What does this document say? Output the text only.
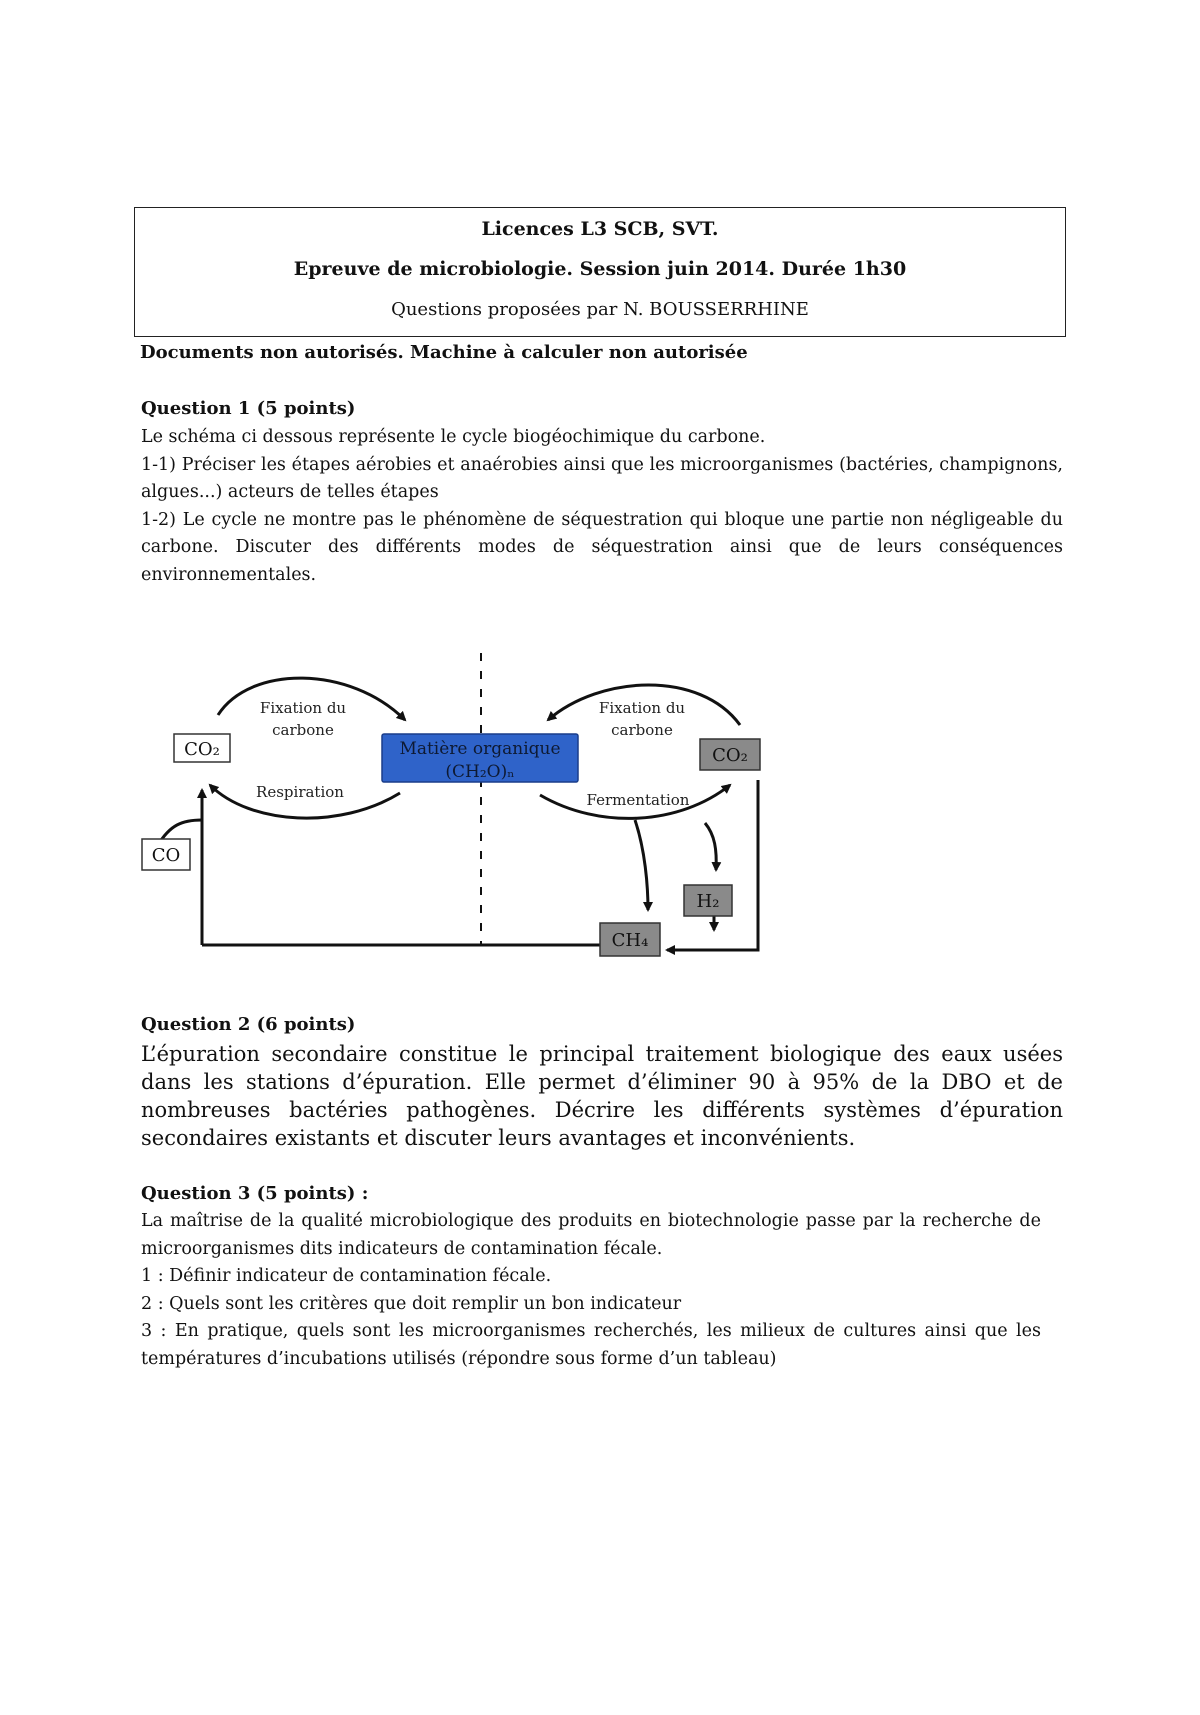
Licences L3 SCB, SVT.
Epreuve de microbiologie. Session juin 2014. Durée 1h30
Questions proposées par N. BOUSSERRHINE
Documents non autorisés. Machine à calculer non autorisée
Question 1 (5 points)

Le schéma ci dessous représente le cycle biogéochimique du carbone.

1-1) Préciser les étapes aérobies et anaérobies ainsi que les microorganismes (bactéries, champignons, algues...) acteurs de telles étapes

1-2) Le cycle ne montre pas le phénomène de séquestration qui bloque une partie non négligeable du carbone. Discuter des différents modes de séquestration ainsi que de leurs conséquences environnementales.

CO₂
CO
Fixation du
carbone
Respiration
Matière organique
(CH₂O)ₙ
Fixation du
carbone
Fermentation
CO₂
H₂
CH₄
Question 2 (6 points)
L’épuration secondaire constitue le principal traitement biologique des eaux usées dans les stations d’épuration. Elle permet d’éliminer 90 à 95% de la DBO et de nombreuses bactéries pathogènes. Décrire les différents systèmes d’épuration secondaires existants et discuter leurs avantages et inconvénients.
Question 3 (5 points) :

La maîtrise de la qualité microbiologique des produits en biotechnologie passe par la recherche de microorganismes dits indicateurs de contamination fécale.

1 : Définir indicateur de contamination fécale.

2 : Quels sont les critères que doit remplir un bon indicateur

3 : En pratique, quels sont les microorganismes recherchés, les milieux de cultures ainsi que les températures d’incubations utilisés (répondre sous forme d’un tableau)
